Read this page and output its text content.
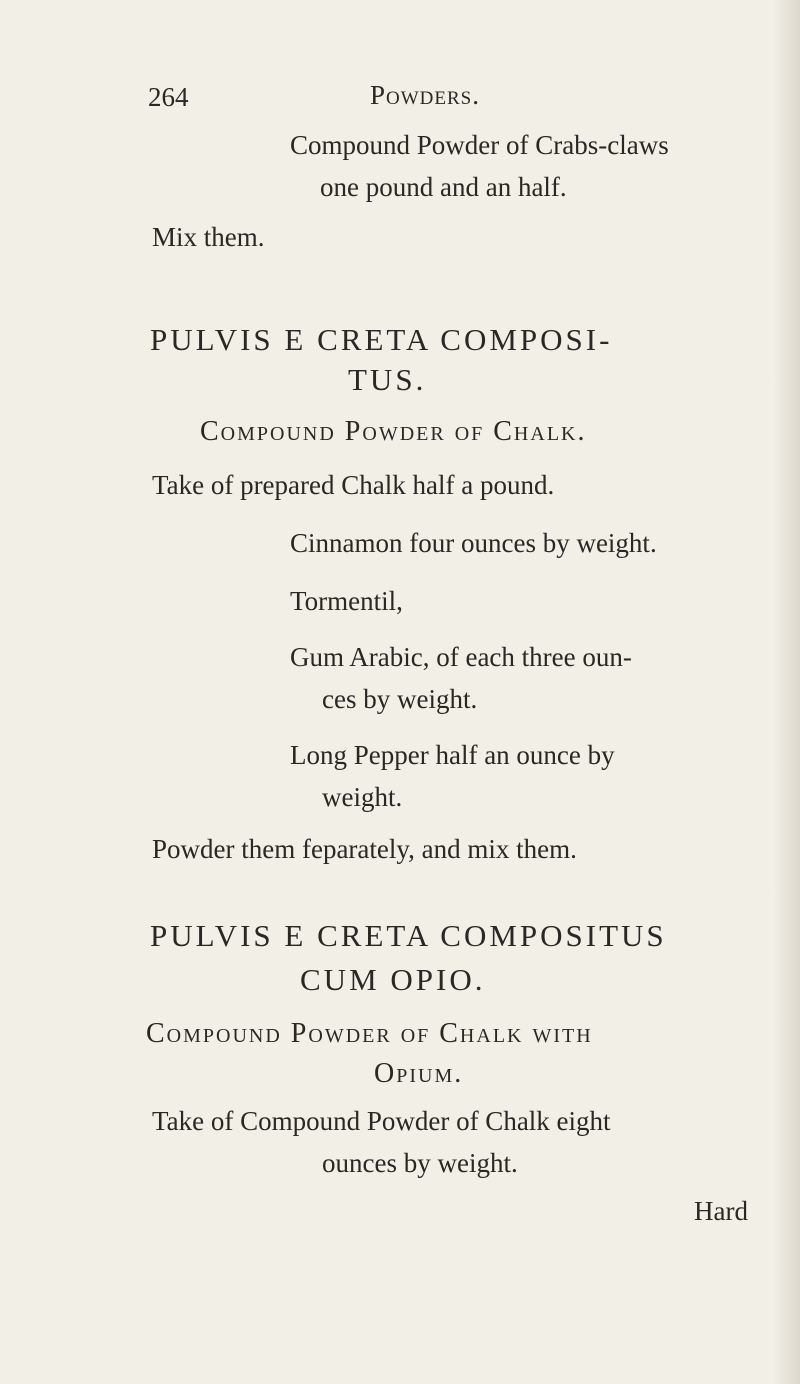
264	Powders.
Compound Powder of Crabs-claws
one pound and an half.
Mix them.
PULVIS E CRETA COMPOSI-
TUS.
Compound Powder of Chalk.
Take of prepared Chalk half a pound.
Cinnamon four ounces by weight.
Tormentil,
Gum Arabic, of each three oun-
ces by weight.
Long Pepper half an ounce by
weight.
Powder them feparately, and mix them.
PULVIS E CRETA COMPOSITUS
CUM OPIO.
Compound Powder of Chalk with
Opium.
Take of Compound Powder of Chalk eight
ounces by weight.
Hard
